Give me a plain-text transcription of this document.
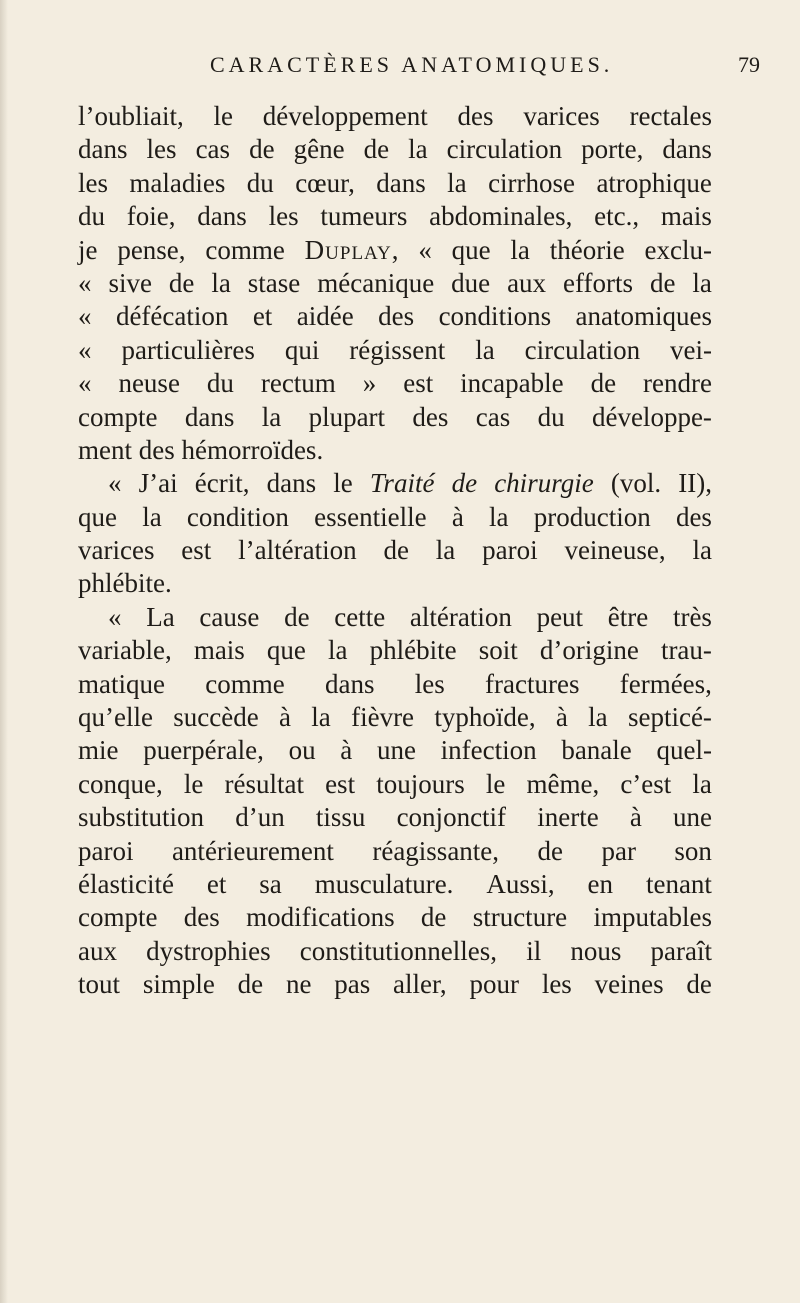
CARACTÈRES ANATOMIQUES.	79
l’oubliait, le développement des varices rectales
dans les cas de gêne de la circulation porte, dans
les maladies du cœur, dans la cirrhose atrophique
du foie, dans les tumeurs abdominales, etc., mais
je pense, comme Duplay, « que la théorie exclu-
« sive de la stase mécanique due aux efforts de la
« défécation et aidée des conditions anatomiques
« particulières qui régissent la circulation vei-
« neuse du rectum » est incapable de rendre
compte dans la plupart des cas du développe-
ment des hémorroïdes.
« J’ai écrit, dans le Traité de chirurgie (vol. II),
que la condition essentielle à la production des
varices est l’altération de la paroi veineuse, la
phlébite.
« La cause de cette altération peut être très
variable, mais que la phlébite soit d’origine trau-
matique comme dans les fractures fermées,
qu’elle succède à la fièvre typhoïde, à la septicé-
mie puerpérale, ou à une infection banale quel-
conque, le résultat est toujours le même, c’est la
substitution d’un tissu conjonctif inerte à une
paroi antérieurement réagissante, de par son
élasticité et sa musculature. Aussi, en tenant
compte des modifications de structure imputables
aux dystrophies constitutionnelles, il nous paraît
tout simple de ne pas aller, pour les veines de
